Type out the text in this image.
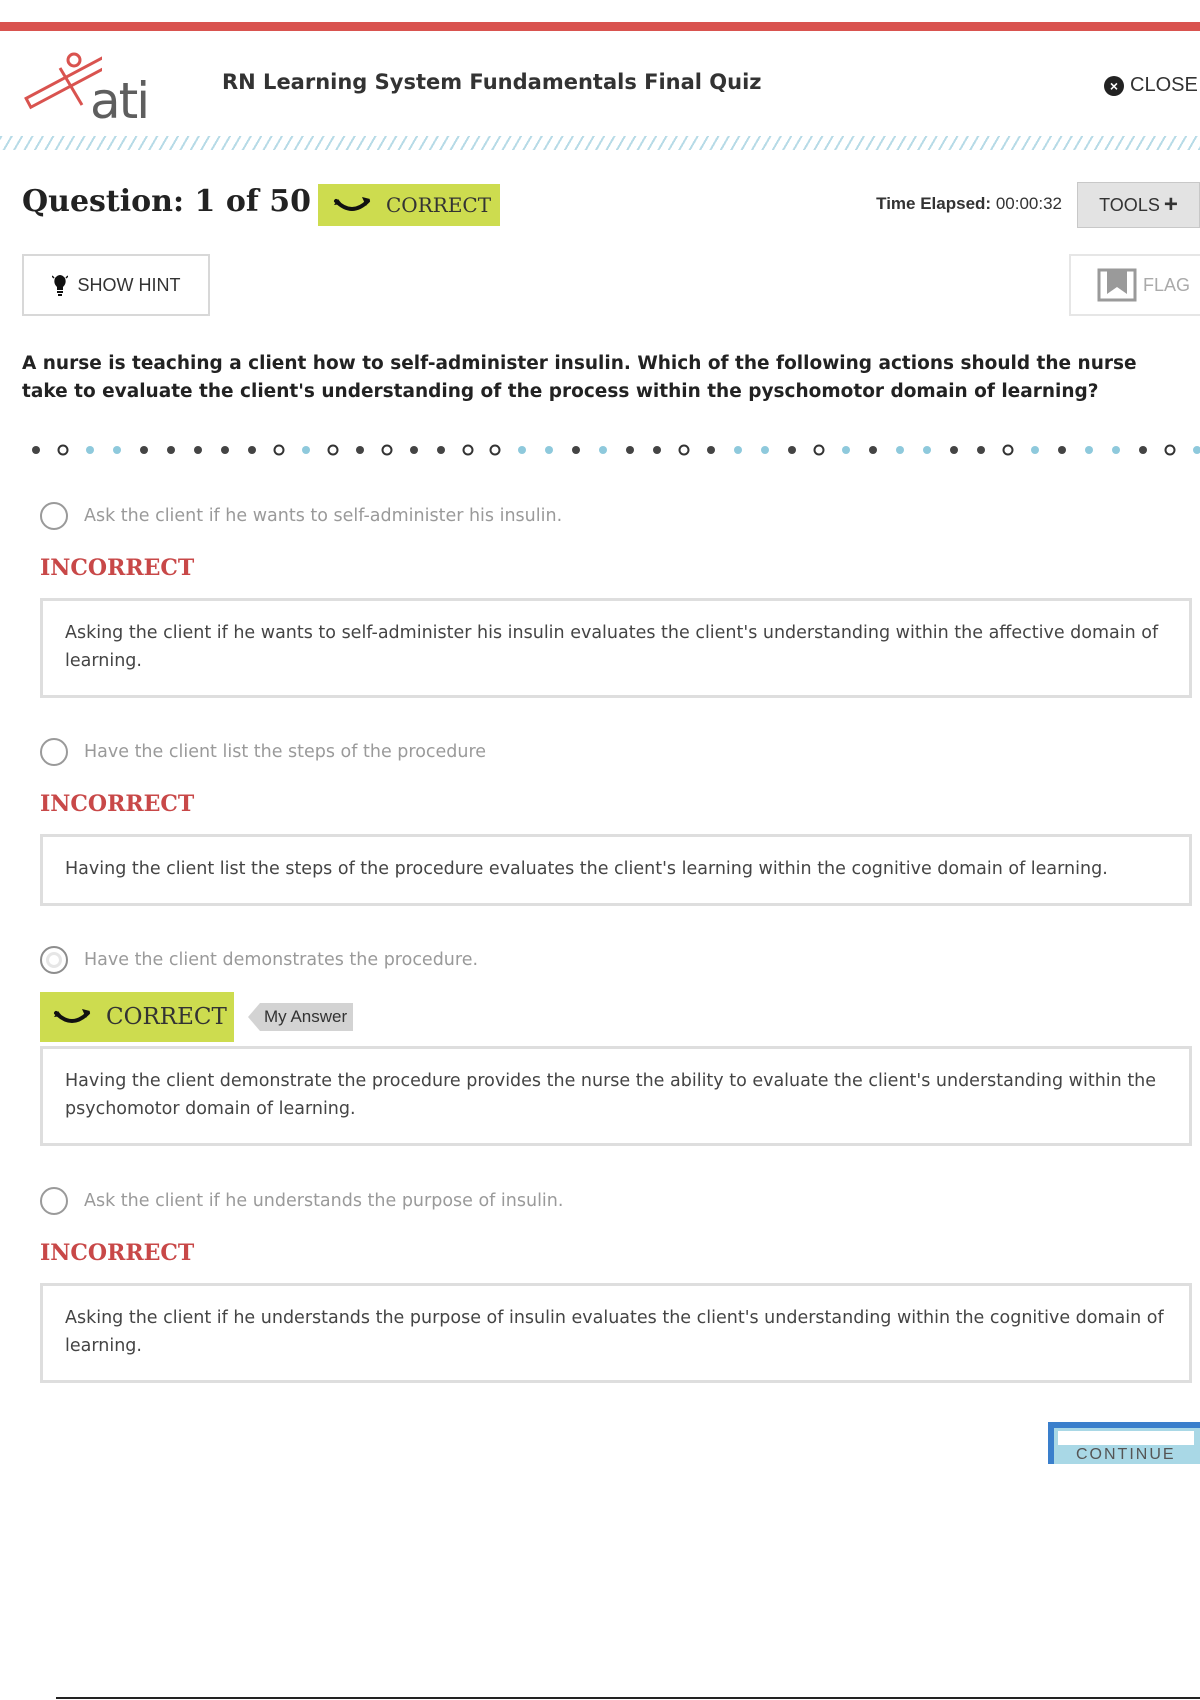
ati	RN Learning System Fundamentals Final Quiz	× CLOSE
Question: 1 of 50	CORRECT	Time Elapsed: 00:00:32 TOOLS +
SHOW HINT	FLAG
A nurse is teaching a client how to self-administer insulin. Which of the following actions should the nurse take to evaluate the client's understanding of the process within the pyschomotor domain of learning?
Ask the client if he wants to self-administer his insulin.
INCORRECT
Asking the client if he wants to self-administer his insulin evaluates the client's understanding within the affective domain of learning.
Have the client list the steps of the procedure
INCORRECT
Having the client list the steps of the procedure evaluates the client's learning within the cognitive domain of learning.
Have the client demonstrates the procedure.
CORRECT My Answer
Having the client demonstrate the procedure provides the nurse the ability to evaluate the client's understanding within the psychomotor domain of learning.
Ask the client if he understands the purpose of insulin.
INCORRECT
Asking the client if he understands the purpose of insulin evaluates the client's understanding within the cognitive domain of learning.
CONTINUE
